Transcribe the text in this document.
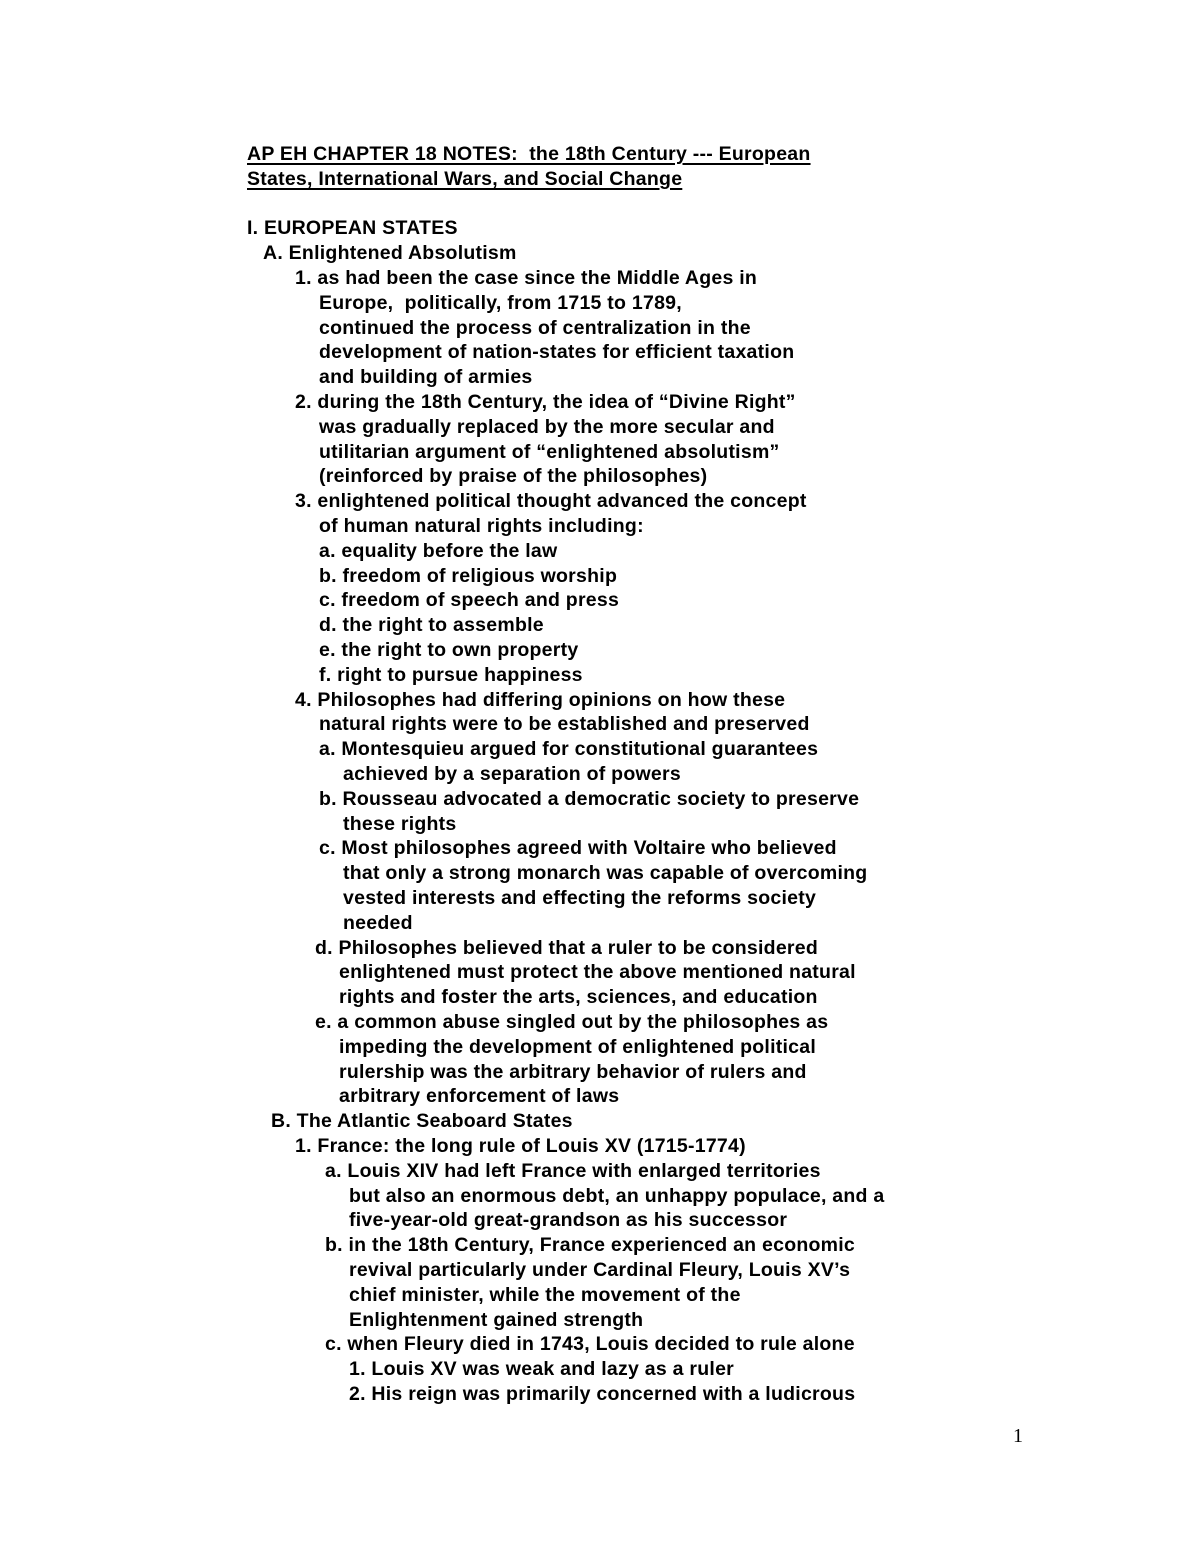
AP EH CHAPTER 18 NOTES:  the 18th Century --- European
States, International Wars, and Social Change
I. EUROPEAN STATES
A. Enlightened Absolutism
1. as had been the case since the Middle Ages in
Europe,  politically, from 1715 to 1789,
continued the process of centralization in the
development of nation-states for efficient taxation
and building of armies
2. during the 18th Century, the idea of “Divine Right”
was gradually replaced by the more secular and
utilitarian argument of “enlightened absolutism”
(reinforced by praise of the philosophes)
3. enlightened political thought advanced the concept
of human natural rights including:
a. equality before the law
b. freedom of religious worship
c. freedom of speech and press
d. the right to assemble
e. the right to own property
f. right to pursue happiness
4. Philosophes had differing opinions on how these
natural rights were to be established and preserved
a. Montesquieu argued for constitutional guarantees
achieved by a separation of powers
b. Rousseau advocated a democratic society to preserve
these rights
c. Most philosophes agreed with Voltaire who believed
that only a strong monarch was capable of overcoming
vested interests and effecting the reforms society
needed
d. Philosophes believed that a ruler to be considered
enlightened must protect the above mentioned natural
rights and foster the arts, sciences, and education
e. a common abuse singled out by the philosophes as
impeding the development of enlightened political
rulership was the arbitrary behavior of rulers and
arbitrary enforcement of laws
B. The Atlantic Seaboard States
1. France: the long rule of Louis XV (1715-1774)
a. Louis XIV had left France with enlarged territories
but also an enormous debt, an unhappy populace, and a
five-year-old great-grandson as his successor
b. in the 18th Century, France experienced an economic
revival particularly under Cardinal Fleury, Louis XV’s
chief minister, while the movement of the
Enlightenment gained strength
c. when Fleury died in 1743, Louis decided to rule alone
1. Louis XV was weak and lazy as a ruler
2. His reign was primarily concerned with a ludicrous
1
